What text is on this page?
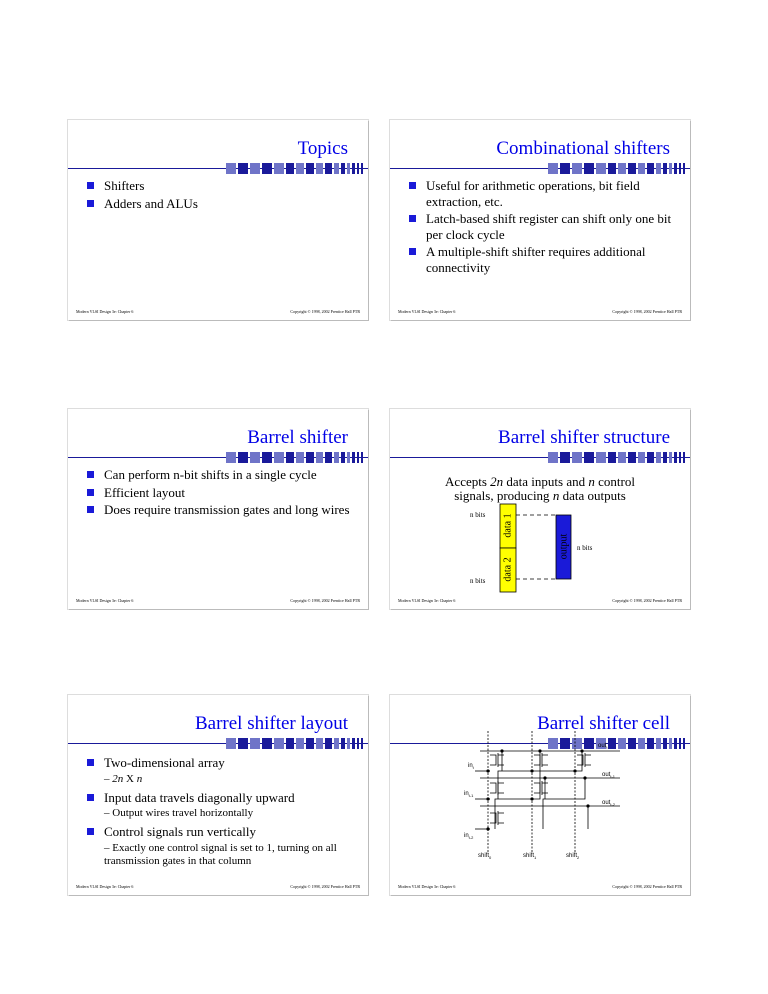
Topics
Shifters
Adders and ALUs
Modern VLSI Design 3e: Chapter 6	Copyright © 1998, 2002 Prentice Hall PTR
Combinational shifters
Useful for arithmetic operations, bit field extraction, etc.
Latch-based shift register can shift only one bit per clock cycle
A multiple-shift shifter requires additional connectivity
Modern VLSI Design 3e: Chapter 6	Copyright © 1998, 2002 Prentice Hall PTR
Barrel shifter
Can perform n-bit shifts in a single cycle
Efficient layout
Does require transmission gates and long wires
Modern VLSI Design 3e: Chapter 6	Copyright © 1998, 2002 Prentice Hall PTR
Barrel shifter structure
Accepts 2n data inputs and n control signals, producing n data outputs
data 1
data 2
output
n bits
n bits
n bits
Modern VLSI Design 3e: Chapter 6	Copyright © 1998, 2002 Prentice Hall PTR
Barrel shifter layout
Two-dimensional array
– 2n X n
Input data travels diagonally upward
– Output wires travel horizontally
Control signals run vertically
– Exactly one control signal is set to 1, turning on all transmission gates in that column
Modern VLSI Design 3e: Chapter 6	Copyright © 1998, 2002 Prentice Hall PTR
Barrel shifter cell
out$_t$
out$_{t-1}$
out$_{t-2}$
$in_t$
$in_{t-1}$
$in_{t-2}$
shift$_0$	shift$_1$	shift$_2$
Modern VLSI Design 3e: Chapter 6	Copyright © 1998, 2002 Prentice Hall PTR
